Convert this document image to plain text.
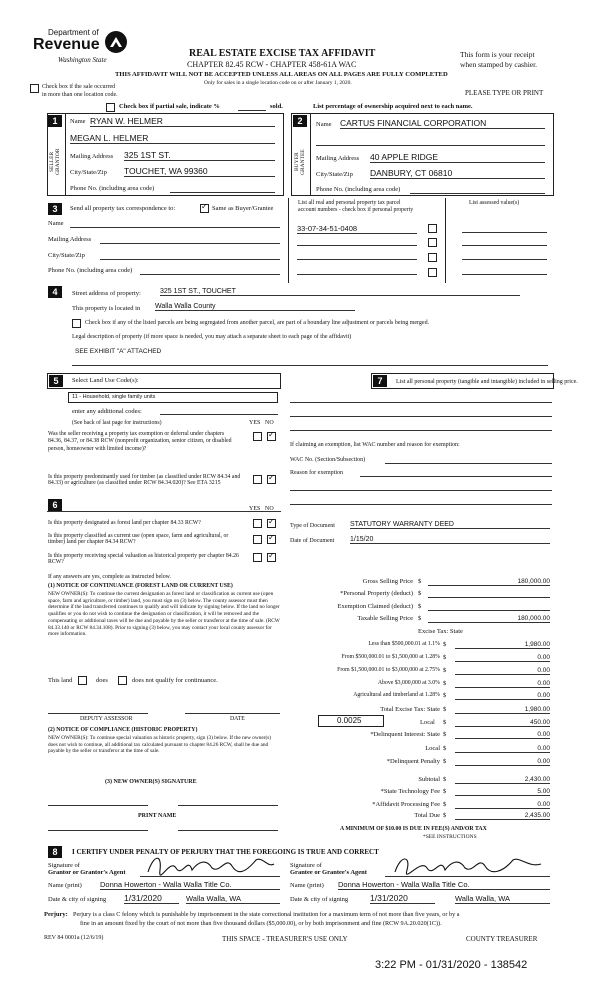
Department of
Revenue
Washington State
REAL ESTATE EXCISE TAX AFFIDAVIT
CHAPTER 82.45 RCW - CHAPTER 458-61A WAC
THIS AFFIDAVIT WILL NOT BE ACCEPTED UNLESS ALL AREAS ON ALL PAGES ARE FULLY COMPLETED
Only for sales in a single location code on or after January 1, 2020.
This form is your receipt
when stamped by cashier.
PLEASE TYPE OR PRINT
Check box if the sale occurred
in more than one location code.
Check box if partial sale, indicate %	sold.	List percentage of ownership acquired next to each name.
1
SELLER GRANTOR
Name RYAN W. HELMER
MEGAN L. HELMER
Mailing Address 325 1ST ST.
City/State/Zip TOUCHET, WA 99360
Phone No. (including area code)
2
BUYER GRANTEE
Name CARTUS FINANCIAL CORPORATION
Mailing Address 40 APPLE RIDGE
City/State/Zip DANBURY, CT 06810
Phone No. (including area code)
3	Send all property tax correspondence to:
✓	Same as Buyer/Grantee
List all real and personal property tax parcel
account numbers - check box if personal property
List assessed value(s)
33-07-34-51-0408
Name
Mailing Address
City/State/Zip
Phone No. (including area code)
4	Street address of property:	325 1ST ST., TOUCHET
This property is located in Walla Walla County
Check box if any of the listed parcels are being segregated from another parcel, are part of a boundary line adjustment or parcels being merged.
Legal description of property (if more space is needed, you may attach a separate sheet to each page of the affidavit)
SEE EXHIBIT "A" ATTACHED
5	Select Land Use Code(s):
11 - Household, single family units
enter any additional codes:
(See back of last page for instructions)	YES NO
Was the seller receiving a property tax exemption or deferral under chapters 84.36, 84.37, or 84.38 RCW (nonprofit organization, senior citizen, or disabled person, homeowner with limited income)?
✓
Is this property predominantly used for timber (as classified under RCW 84.34 and 84.33) or agriculture (as classified under RCW 84.34.020)? See ETA 3215
✓
6	YES NO
Is this property designated as forest land per chapter 84.33 RCW?
✓
Is this property classified as current use (open space, farm and agricultural, or timber) land per chapter 84.34 RCW?
✓
Is this property receiving special valuation as historical property per chapter 84.26 RCW?
✓
If any answers are yes, complete as instructed below.
(1) NOTICE OF CONTINUANCE (FOREST LAND OR CURRENT USE)
NEW OWNER(S): To continue the current designation as forest land or classification as current use (open space, farm and agriculture, or timber) land, you must sign on (3) below. The county assessor must then determine if the land transferred continues to qualify and will indicate by signing below. If the land no longer qualifies or you do not wish to continue the designation or classification, it will be removed and the compensating or additional taxes will be due and payable by the seller or transferor at the time of sale. (RCW 84.33.140 or RCW 84.34.108). Prior to signing (3) below, you may contact your local county assessor for more information.
This land	does	does not qualify for continuance.
DEPUTY ASSESSOR	DATE
(2) NOTICE OF COMPLIANCE (HISTORIC PROPERTY)
NEW OWNER(S): To continue special valuation as historic property, sign (3) below. If the new owner(s) does not wish to continue, all additional tax calculated pursuant to chapter 84.26 RCW, shall be due and payable by the seller or transferor at the time of sale.
(3) NEW OWNER(S) SIGNATURE
PRINT NAME
7	List all personal property (tangible and intangible) included in selling price.
If claiming an exemption, list WAC number and reason for exemption:
WAC No. (Section/Subsection)
Reason for exemption
Type of Document STATUTORY WARRANTY DEED
Date of Document 1/15/20
Gross Selling Price $	180,000.00
*Personal Property (deduct) $
Exemption Claimed (deduct) $
Taxable Selling Price $	180,000.00
Excise Tax: State
Less than $500,000.01 at 1.1% $	1,980.00
From $500,000.01 to $1,500,000 at 1.28% $	0.00
From $1,500,000.01 to $3,000,000 at 2.75% $	0.00
Above $3,000,000 at 3.0% $	0.00
Agricultural and timberland at 1.28% $	0.00
Total Excise Tax: State $	1,980.00
0.0025	Local $	450.00
*Delinquent Interest: State $	0.00
Local $	0.00
*Delinquent Penalty $	0.00
Subtotal $	2,430.00
*State Technology Fee $	5.00
*Affidavit Processing Fee $	0.00
Total Due $	2,435.00
A MINIMUM OF $10.00 IS DUE IN FEE(S) AND/OR TAX
*SEE INSTRUCTIONS
8	I CERTIFY UNDER PENALTY OF PERJURY THAT THE FOREGOING IS TRUE AND CORRECT
Signature of
Grantor or Grantor's Agent
Signature of
Grantee or Grantee's Agent
Name (print) Donna Howerton - Walla Walla Title Co.	Name (print) Donna Howerton - Walla Walla Title Co.
Date & city of signing 1/31/2020	Walla Walla, WA	Date & city of signing	1/31/2020	Walla Walla, WA
Perjury: Perjury is a class C felony which is punishable by imprisonment in the state correctional institution for a maximum term of not more than five years, or by a
fine in an amount fixed by the court of not more than five thousand dollars ($5,000.00), or by both imprisonment and fine (RCW 9A.20.020(1C)).
REV 84 0001a (12/6/19)	THIS SPACE - TREASURER'S USE ONLY	COUNTY TREASURER
3:22 PM - 01/31/2020 - 138542
